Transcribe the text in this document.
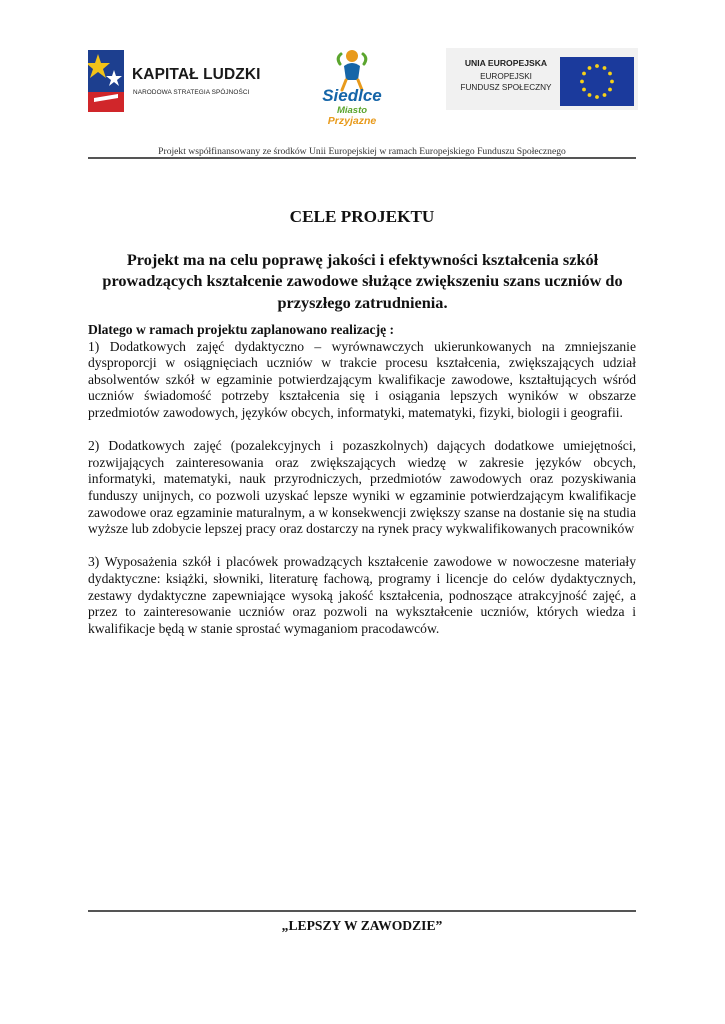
KAPITAŁ LUDZKI
NARODOWA STRATEGIA SPÓJNOŚCI	Siedlce
Miasto
Przyjazne
UNIA EUROPEJSKA
EUROPEJSKI
FUNDUSZ SPOŁECZNY
Projekt współfinansowany ze środków Unii Europejskiej w ramach Europejskiego Funduszu Społecznego
CELE PROJEKTU

Projekt ma na celu poprawę jakości i efektywności kształcenia szkół prowadzących kształcenie zawodowe służące zwiększeniu szans uczniów do przyszłego zatrudnienia.

Dlatego w ramach projektu zaplanowano realizację :
1) Dodatkowych zajęć dydaktyczno – wyrównawczych ukierunkowanych na zmniejszanie dysproporcji w osiągnięciach uczniów w trakcie procesu kształcenia, zwiększających udział absolwentów szkół w egzaminie potwierdzającym kwalifikacje zawodowe, kształtujących wśród uczniów świadomość potrzeby kształcenia się i osiągania lepszych wyników w obszarze przedmiotów zawodowych, języków obcych, informatyki, matematyki, fizyki, biologii i geografii.
2) Dodatkowych zajęć (pozalekcyjnych i pozaszkolnych) dających dodatkowe umiejętności, rozwijających zainteresowania oraz zwiększających wiedzę w zakresie języków obcych, informatyki, matematyki, nauk przyrodniczych, przedmiotów zawodowych oraz pozyskiwania funduszy unijnych, co pozwoli uzyskać lepsze wyniki w egzaminie potwierdzającym kwalifikacje zawodowe oraz egzaminie maturalnym, a w konsekwencji zwiększy szanse na dostanie się na studia wyższe lub zdobycie lepszej pracy oraz dostarczy na rynek pracy wykwalifikowanych pracowników
3) Wyposażenia szkół i placówek prowadzących kształcenie zawodowe w nowoczesne materiały dydaktyczne: książki, słowniki, literaturę fachową, programy i licencje do celów dydaktycznych, zestawy dydaktyczne zapewniające wysoką jakość kształcenia, podnoszące atrakcyjność zajęć, a przez to zainteresowanie uczniów oraz pozwoli na wykształcenie uczniów, których wiedza i kwalifikacje będą w stanie sprostać wymaganiom pracodawców.
„LEPSZY W ZAWODZIE”
